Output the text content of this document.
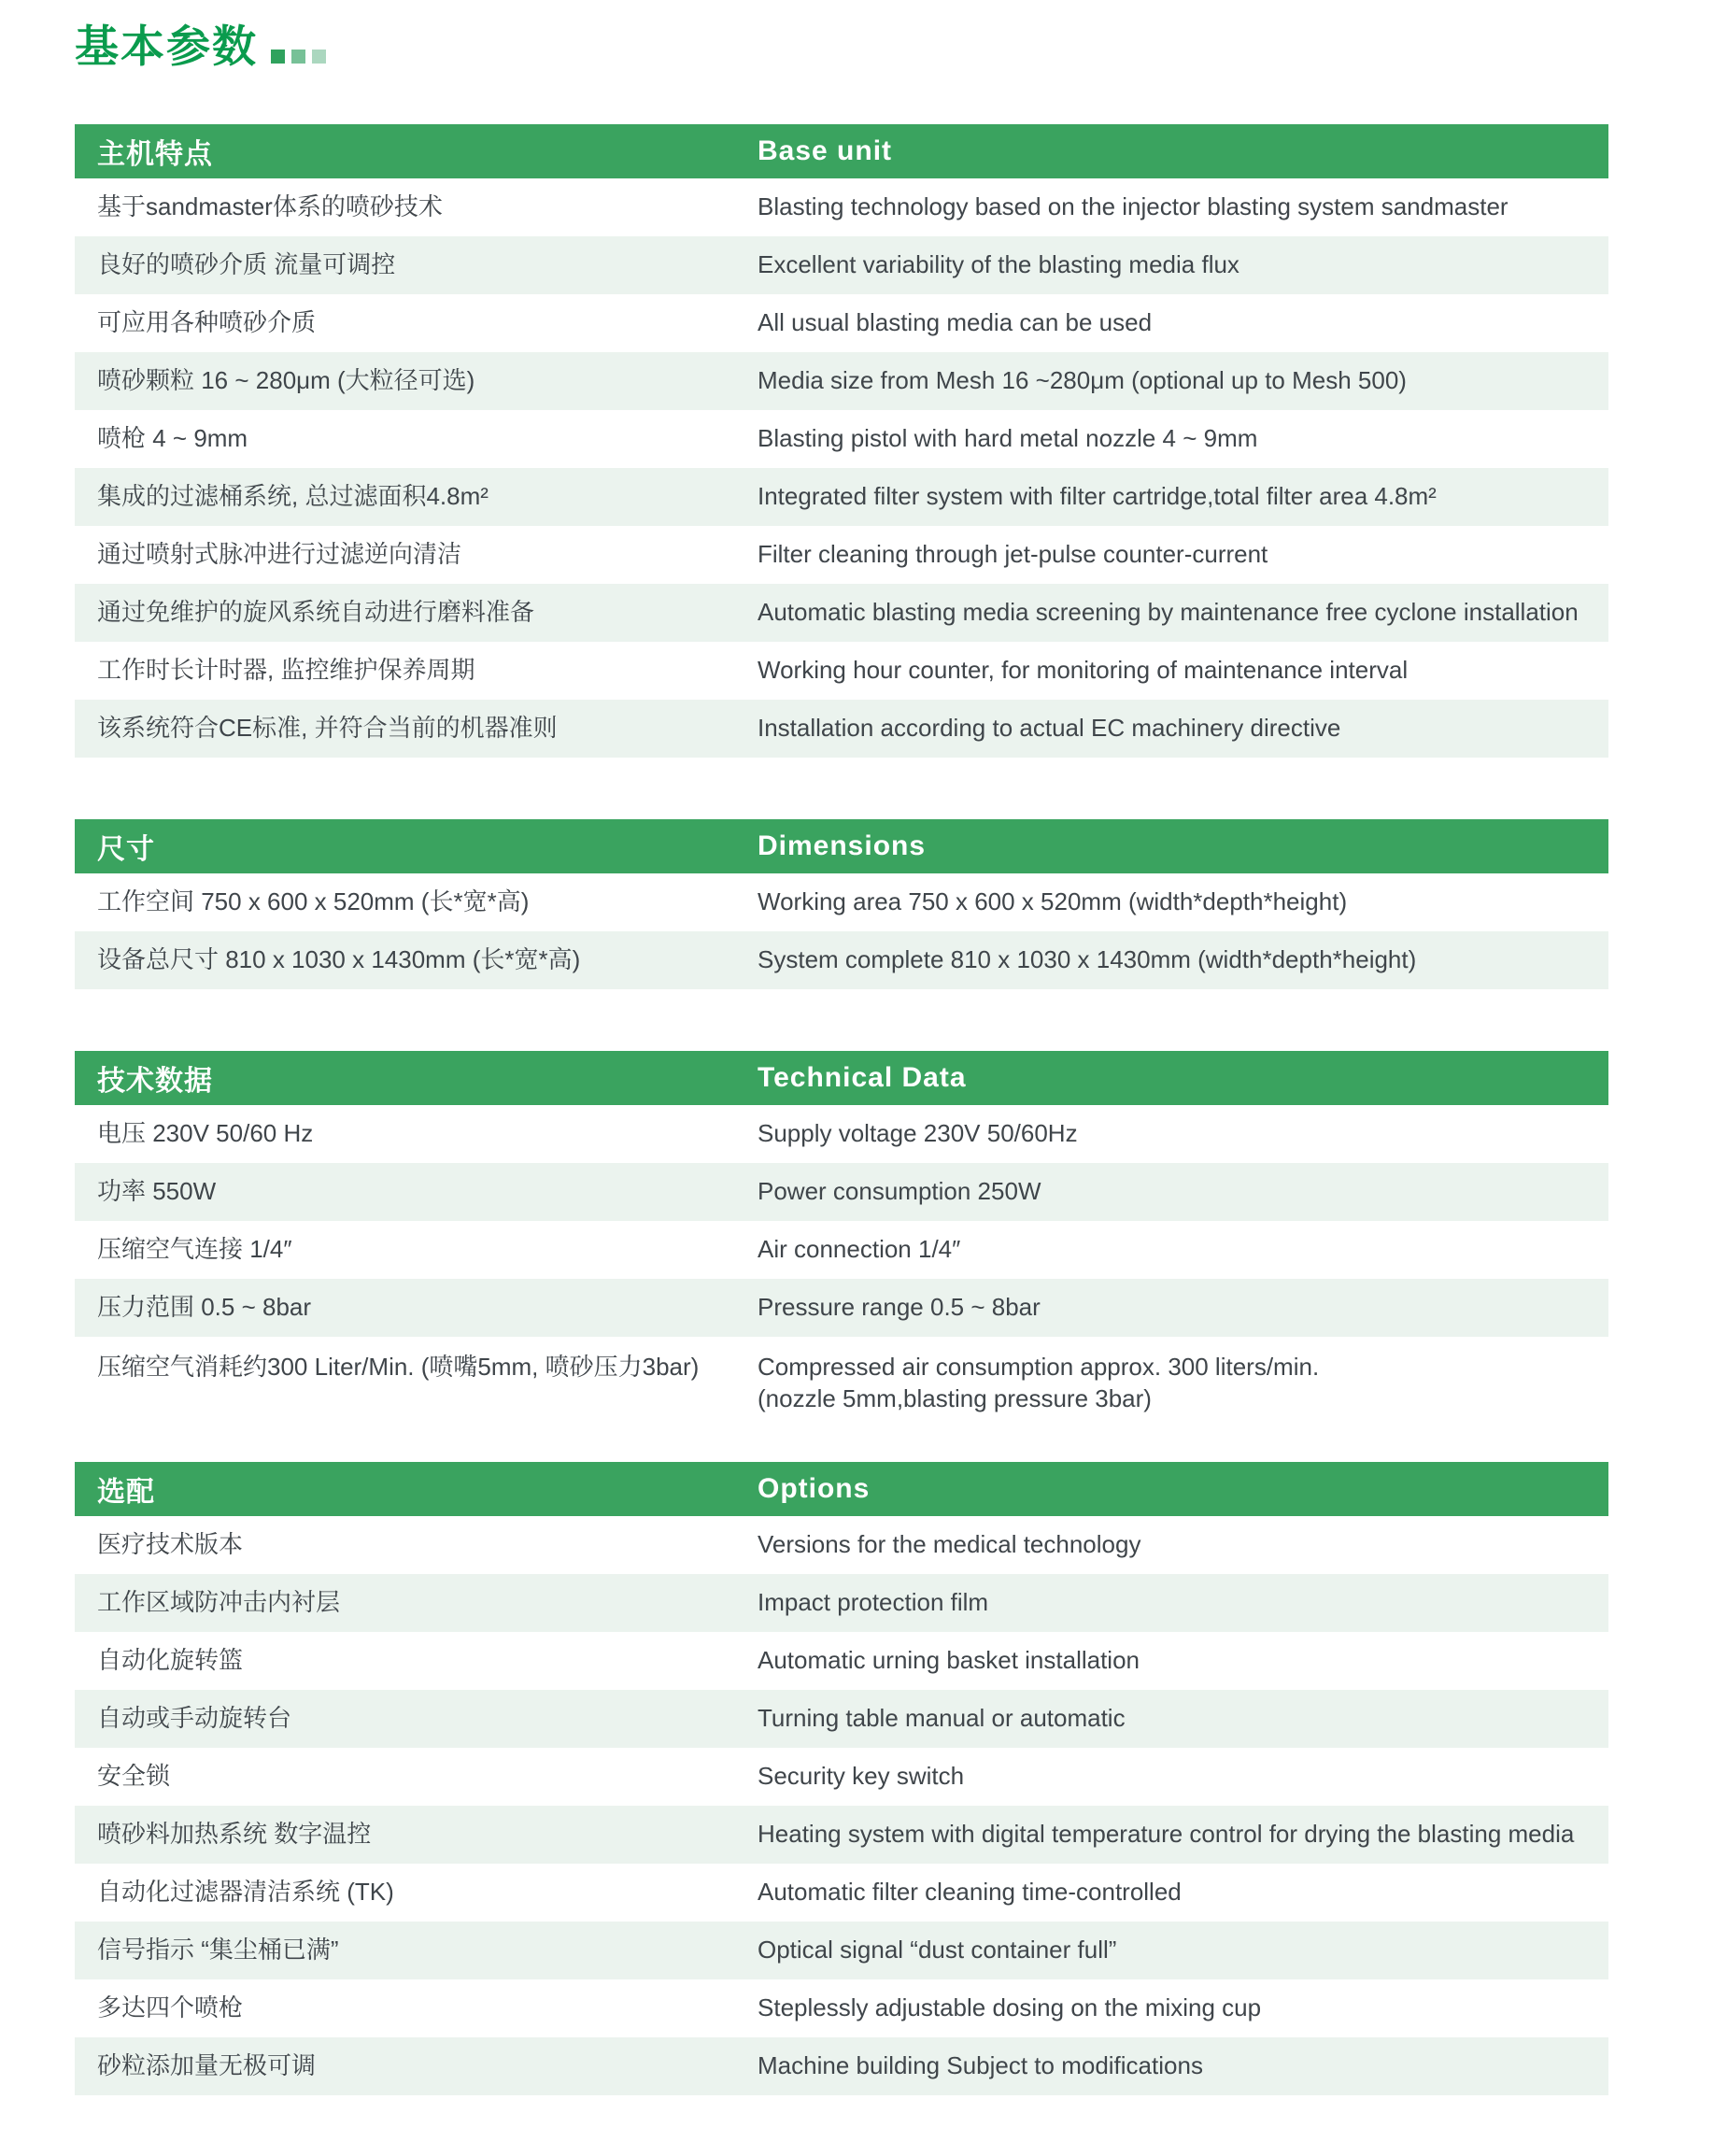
基本参数
主机特点	Base unit
基于sandmaster体系的喷砂技术	Blasting technology based on the injector blasting system sandmaster
良好的喷砂介质 流量可调控	Excellent variability of the blasting media flux
可应用各种喷砂介质	All usual blasting media can be used
喷砂颗粒 16 ~ 280μm (大粒径可选)	Media size from Mesh 16 ~280μm (optional up to Mesh 500)
喷枪 4 ~ 9mm	Blasting pistol with hard metal nozzle 4 ~ 9mm
集成的过滤桶系统, 总过滤面积4.8m²	Integrated filter system with filter cartridge,total filter area 4.8m²
通过喷射式脉冲进行过滤逆向清洁	Filter cleaning through jet-pulse counter-current
通过免维护的旋风系统自动进行磨料准备	Automatic blasting media screening by maintenance free cyclone installation
工作时长计时器, 监控维护保养周期	Working hour counter, for monitoring of maintenance interval
该系统符合CE标准, 并符合当前的机器准则	Installation according to actual EC machinery directive
尺寸	Dimensions
工作空间 750 x 600 x 520mm (长*宽*高)	Working area 750 x 600 x 520mm (width*depth*height)
设备总尺寸 810 x 1030 x 1430mm (长*宽*高)	System complete 810 x 1030 x 1430mm (width*depth*height)
技术数据	Technical Data
电压 230V 50/60 Hz	Supply voltage 230V 50/60Hz
功率 550W	Power consumption 250W
压缩空气连接 1/4″	Air connection 1/4″
压力范围 0.5 ~ 8bar	Pressure range 0.5 ~ 8bar
压缩空气消耗约300 Liter/Min. (喷嘴5mm, 喷砂压力3bar)	Compressed air consumption approx. 300 liters/min.
(nozzle 5mm,blasting pressure 3bar)
选配	Options
医疗技术版本	Versions for the medical technology
工作区域防冲击内衬层	Impact protection film
自动化旋转篮	Automatic urning basket installation
自动或手动旋转台	Turning table manual or automatic
安全锁	Security key switch
喷砂料加热系统 数字温控	Heating system with digital temperature control for drying the blasting media
自动化过滤器清洁系统 (TK)	Automatic filter cleaning time-controlled
信号指示 “集尘桶已满”	Optical signal “dust container full”
多达四个喷枪	Steplessly adjustable dosing on the mixing cup
砂粒添加量无极可调	Machine building Subject to modifications
